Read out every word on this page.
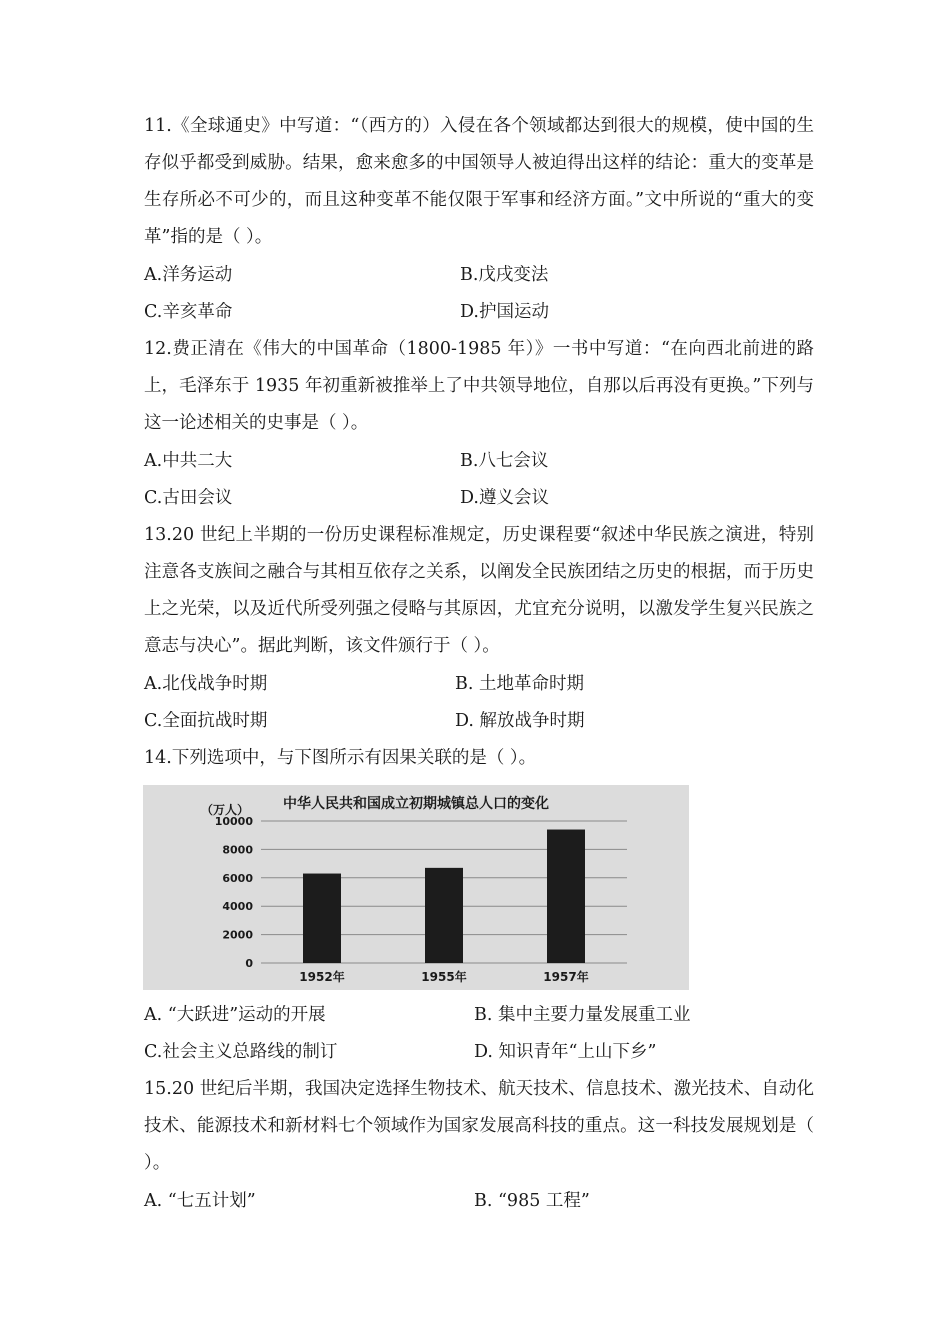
11.《全球通史》中写道：“（西方的）入侵在各个领域都达到很大的规模，使中国的生存似乎都受到威胁。结果，愈来愈多的中国领导人被迫得出这样的结论：重大的变革是生存所必不可少的，而且这种变革不能仅限于军事和经济方面。”文中所说的“重大的变革”指的是（ ）。

A.洋务运动	B.戊戌变法
C.辛亥革命	D.护国运动

12.费正清在《伟大的中国革命（1800-1985 年）》一书中写道：“在向西北前进的路上，毛泽东于 1935 年初重新被推举上了中共领导地位，自那以后再没有更换。”下列与这一论述相关的史事是（ ）。

A.中共二大	B.八七会议
C.古田会议	D.遵义会议

13.20 世纪上半期的一份历史课程标准规定，历史课程要“叙述中华民族之演进，特别注意各支族间之融合与其相互依存之关系，以阐发全民族团结之历史的根据，而于历史上之光荣，以及近代所受列强之侵略与其原因，尤宜充分说明，以激发学生复兴民族之意志与决心”。据此判断，该文件颁行于（ ）。

A.北伐战争时期	B. 土地革命时期
C.全面抗战时期	D. 解放战争时期

14.下列选项中，与下图所示有因果关联的是（ ）。

中华人民共和国成立初期城镇总人口的变化
（万人）
10000
8000
6000
4000
2000
0
1952年	1955年	1957年
A. “大跃进”运动的开展	B. 集中主要力量发展重工业
C.社会主义总路线的制订	D. 知识青年“上山下乡”

15.20 世纪后半期，我国决定选择生物技术、航天技术、信息技术、激光技术、自动化技术、能源技术和新材料七个领域作为国家发展高科技的重点。这一科技发展规划是（ ）。

A. “七五计划”	B. “985 工程”
